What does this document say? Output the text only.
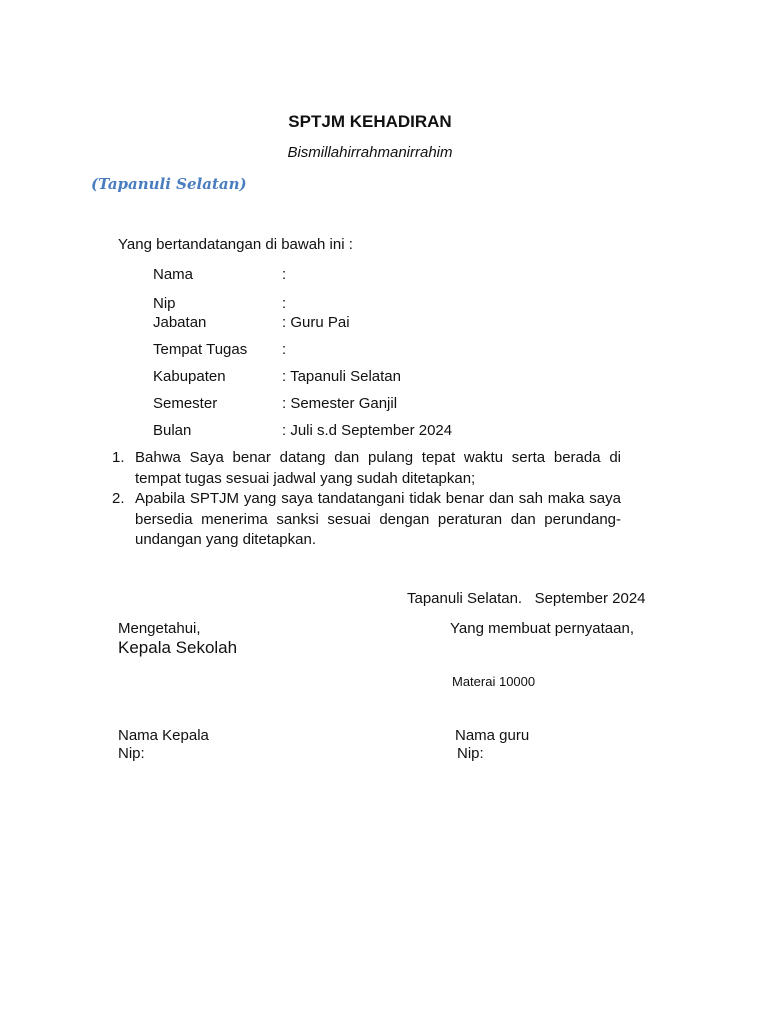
SPTJM KEHADIRAN
Bismillahirrahmanirrahim
(Tapanuli Selatan)
Yang bertandatangan di bawah ini :
Nama	:
Nip	:
Jabatan	: Guru Pai
Tempat Tugas :
Kabupaten	: Tapanuli Selatan
Semester	: Semester Ganjil
Bulan	: Juli s.d September 2024
1. Bahwa Saya benar datang dan pulang tepat waktu serta berada di tempat tugas sesuai jadwal yang sudah ditetapkan;
2. Apabila SPTJM yang saya tandatangani tidak benar dan sah maka saya bersedia menerima sanksi sesuai dengan peraturan dan perundang-undangan yang ditetapkan.
Tapanuli Selatan.   September 2024
Mengetahui,
Kepala Sekolah
Yang membuat pernyataan,
Materai 10000
Nama Kepala
Nip:
Nama guru
Nip:
